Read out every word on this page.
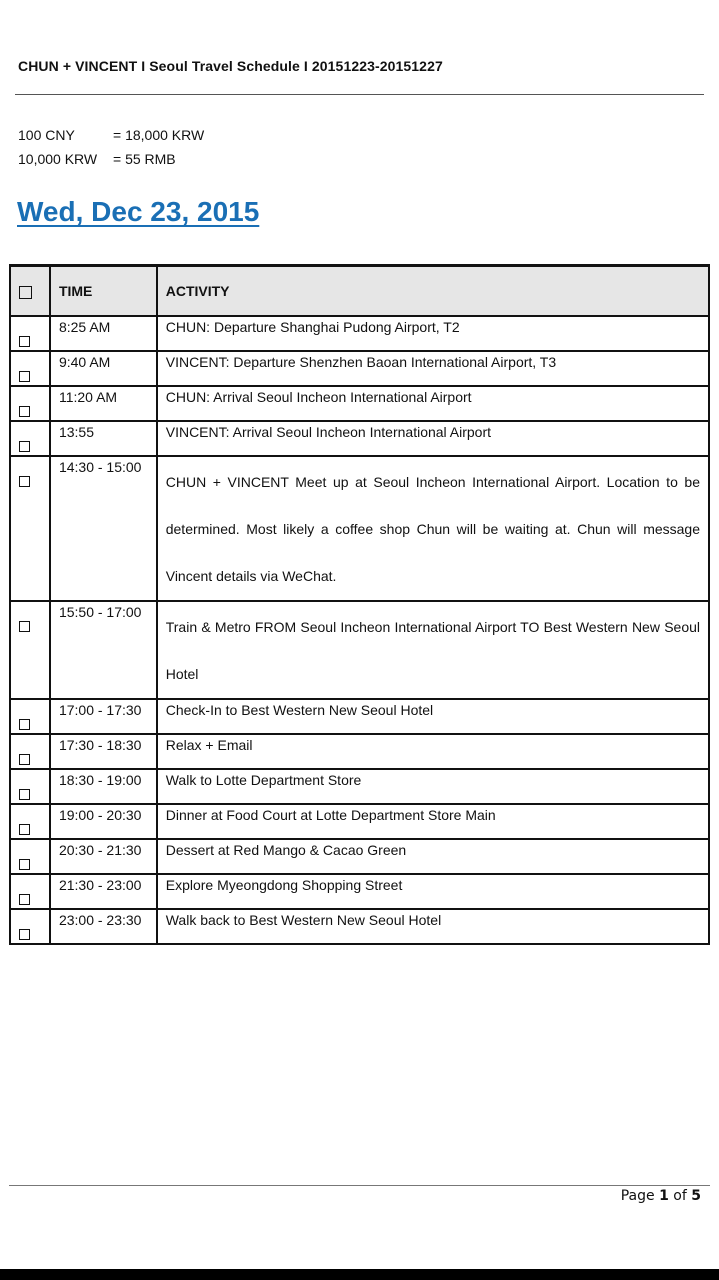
CHUN + VINCENT I Seoul Travel Schedule I 20151223-20151227
100 CNY	= 18,000 KRW
10,000 KRW = 55 RMB
Wed, Dec 23, 2015
	TIME	ACTIVITY
	8:25 AM	CHUN: Departure Shanghai Pudong Airport, T2
	9:40 AM	VINCENT: Departure Shenzhen Baoan International Airport, T3
	11:20 AM	CHUN: Arrival Seoul Incheon International Airport
	13:55	VINCENT: Arrival Seoul Incheon International Airport
	14:30 - 15:00	CHUN + VINCENT Meet up at Seoul Incheon International Airport. Location to be determined. Most likely a coffee shop Chun will be waiting at. Chun will message Vincent details via WeChat.
	15:50 - 17:00	Train & Metro FROM Seoul Incheon International Airport TO Best Western New Seoul Hotel
	17:00 - 17:30	Check-In to Best Western New Seoul Hotel
	17:30 - 18:30	Relax + Email
	18:30 - 19:00	Walk to Lotte Department Store
	19:00 - 20:30	Dinner at Food Court at Lotte Department Store Main
	20:30 - 21:30	Dessert at Red Mango & Cacao Green
	21:30 - 23:00	Explore Myeongdong Shopping Street
	23:00 - 23:30	Walk back to Best Western New Seoul Hotel
Page 1 of 5
